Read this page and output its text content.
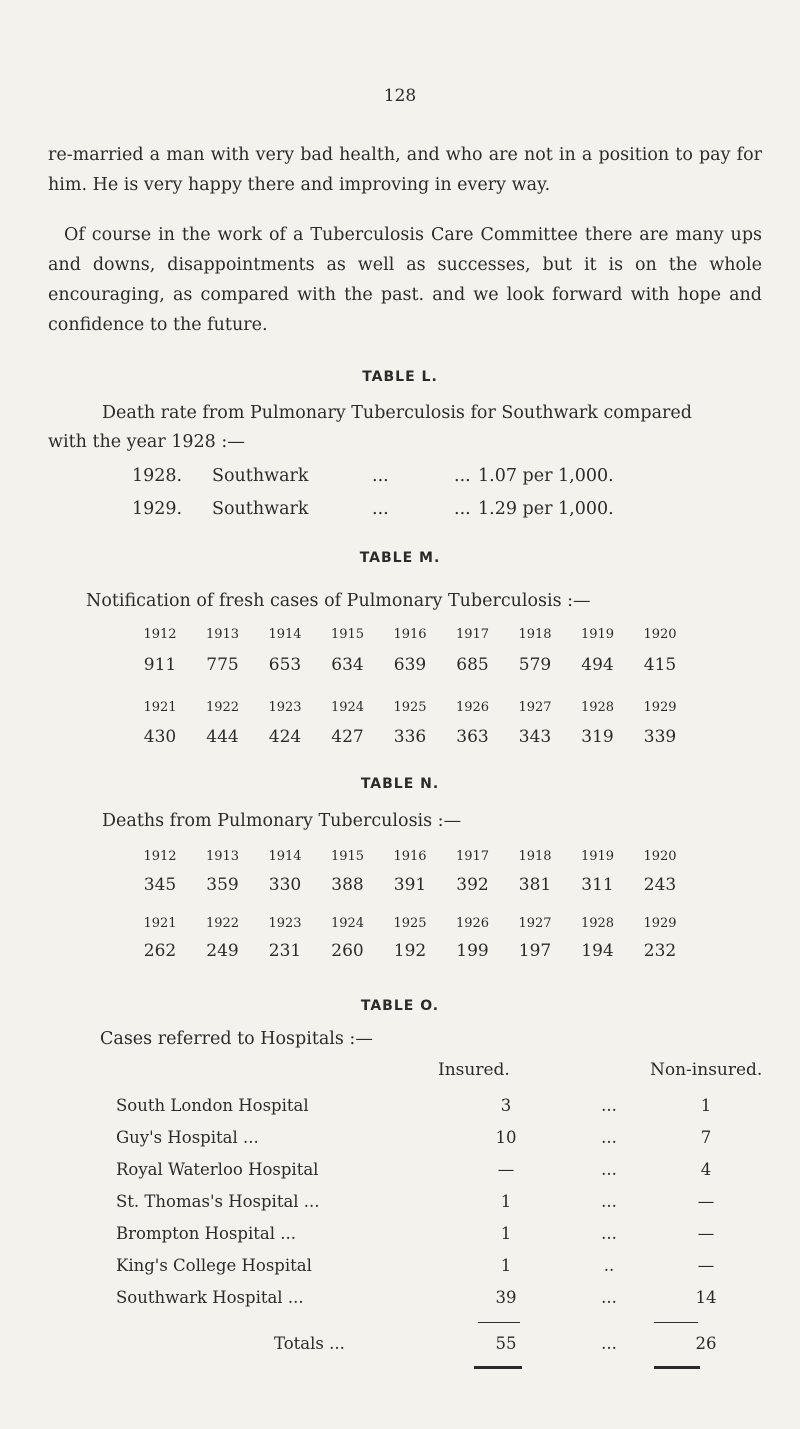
128
re-married a man with very bad health, and who are not in a position to pay for him. He is very happy there and improving in every way.
Of course in the work of a Tuberculosis Care Committee there are many ups and downs, disappointments as well as successes, but it is on the whole encouraging, as compared with the past. and we look forward with hope and confidence to the future.
TABLE L.
Death rate from Pulmonary Tuberculosis for Southwark compared
with the year 1928 :—
1928. Southwark	...	... 1.07 per 1,000.
1929. Southwark	...	... 1.29 per 1,000.
TABLE M.
Notification of fresh cases of Pulmonary Tuberculosis :—
1912	1913	1914	1915	1916	1917	1918	1919	1920
911	775	653	634	639	685	579	494	415
1921	1922	1923	1924	1925	1926	1927	1928	1929
430	444	424	427	336	363	343	319	339
TABLE N.
Deaths from Pulmonary Tuberculosis :—
1912	1913	1914	1915	1916	1917	1918	1919	1920
345	359	330	388	391	392	381	311	243
1921	1922	1923	1924	1925	1926	1927	1928	1929
262	249	231	260	192	199	197	194	232
TABLE O.
Cases referred to Hospitals :—
Insured.	Non-insured.
South London Hospital	3	...	1
Guy's Hospital ...	10	...	7
Royal Waterloo Hospital	—	...	4
St. Thomas's Hospital ...	1	...	—
Brompton Hospital ...	1	...	—
King's College Hospital	1	..	—
Southwark Hospital ...	39	...	14
Totals ...	55	...	26
